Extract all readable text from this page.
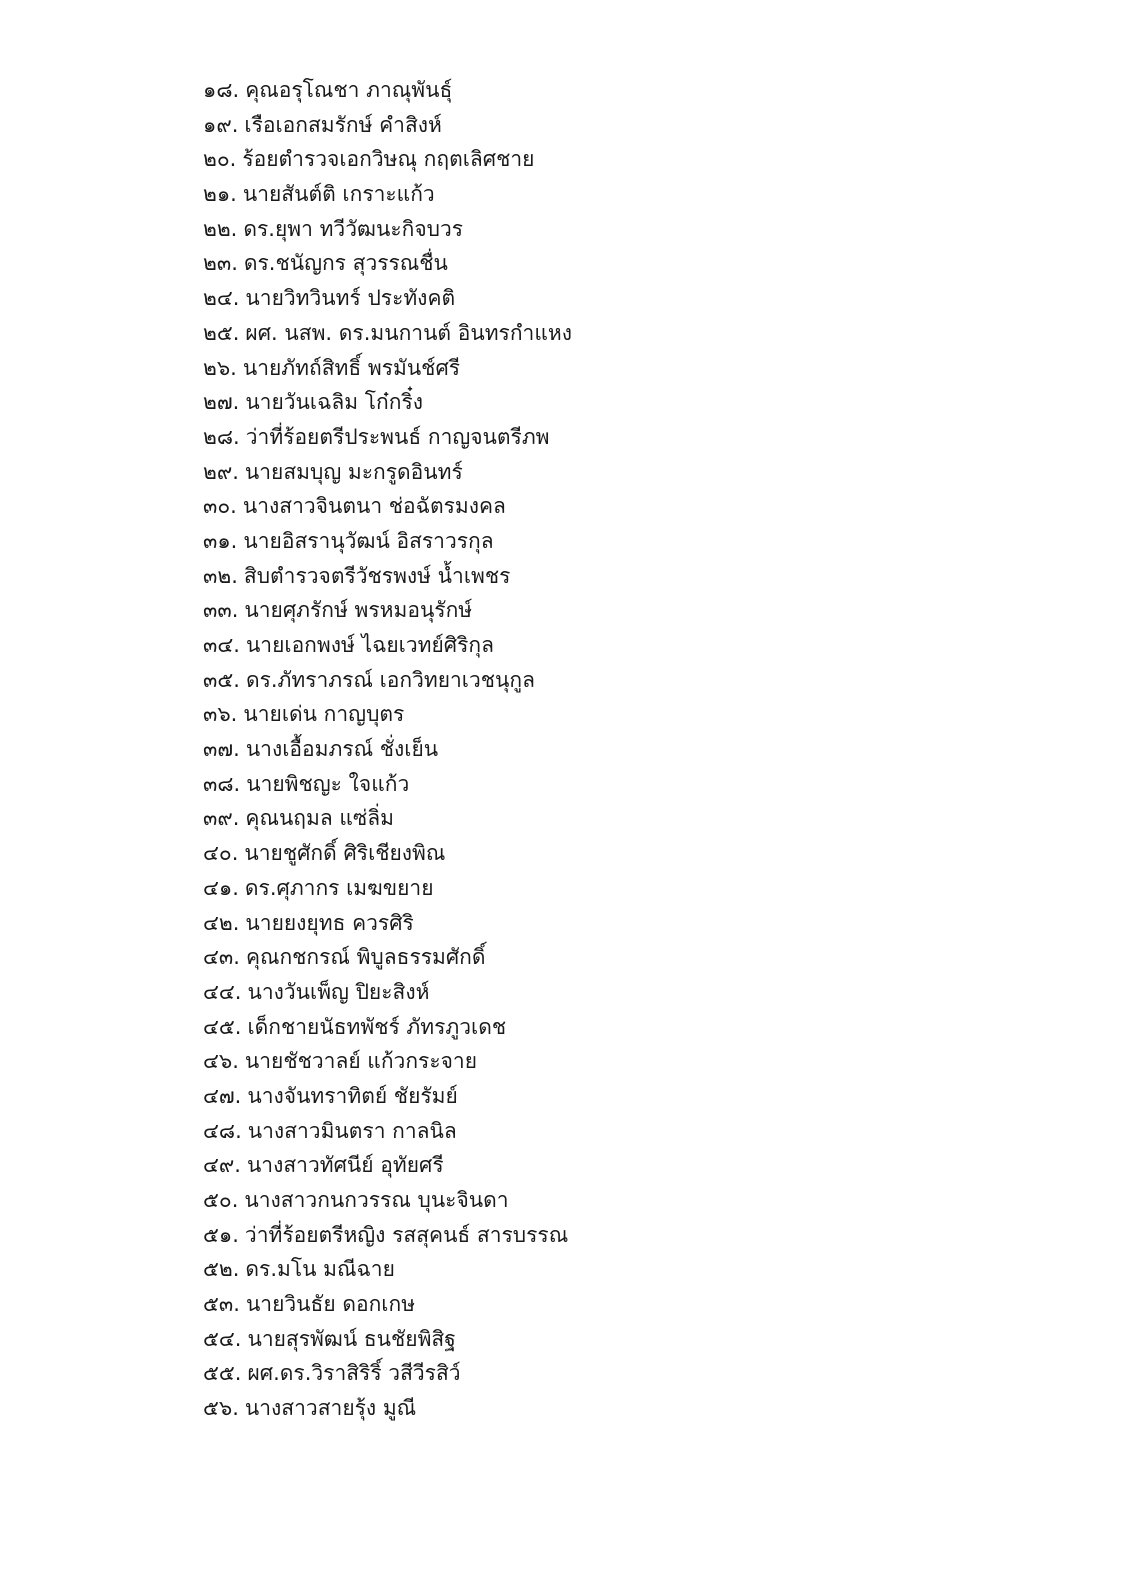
๑๘. คุณอรุโณชา ภาณุพันธุ์
๑๙. เรือเอกสมรักษ์ คำสิงห์
๒๐. ร้อยตำรวจเอกวิษณุ กฤตเลิศชาย
๒๑. นายสันต์ติ เกราะแก้ว
๒๒. ดร.ยุพา ทวีวัฒนะกิจบวร
๒๓. ดร.ชนัญกร สุวรรณชื่น
๒๔. นายวิทวินทร์ ประทังคติ
๒๕. ผศ. นสพ. ดร.มนกานต์ อินทรกำแหง
๒๖. นายภัทถ์สิทธิ์ พรมันช์ศรี
๒๗. นายวันเฉลิม โก๋กริ๋ง
๒๘. ว่าที่ร้อยตรีประพนธ์ กาญจนตรีภพ
๒๙. นายสมบุญ มะกรูดอินทร์
๓๐. นางสาวจินตนา ช่อฉัตรมงคล
๓๑. นายอิสรานุวัฒน์ อิสราวรกุล
๓๒. สิบตำรวจตรีวัชรพงษ์ น้ำเพชร
๓๓. นายศุภรักษ์ พรหมอนุรักษ์
๓๔. นายเอกพงษ์ ไฉยเวทย์ศิริกุล
๓๕. ดร.ภัทราภรณ์ เอกวิทยาเวชนุกูล
๓๖. นายเด่น กาญบุตร
๓๗. นางเอื้อมภรณ์ ชั่งเย็น
๓๘. นายพิชญะ ใจแก้ว
๓๙. คุณนฤมล แซ่ลิ่ม
๔๐. นายชูศักดิ์ ศิริเชียงพิณ
๔๑. ดร.ศุภากร เมฆขยาย
๔๒. นายยงยุทธ ควรศิริ
๔๓. คุณกชกรณ์ พิบูลธรรมศักดิ์
๔๔. นางวันเพ็ญ ปิยะสิงห์
๔๕. เด็กชายนัธทพัชร์ ภัทรภูวเดช
๔๖. นายชัชวาลย์ แก้วกระจาย
๔๗. นางจันทราทิตย์ ชัยรัมย์
๔๘. นางสาวมินตรา กาลนิล
๔๙. นางสาวทัศนีย์ อุทัยศรี
๕๐. นางสาวกนกวรรณ บุนะจินดา
๕๑. ว่าที่ร้อยตรีหญิง รสสุคนธ์ สารบรรณ
๕๒. ดร.มโน มณีฉาย
๕๓. นายวินธัย ดอกเกษ
๕๔. นายสุรพัฒน์ ธนชัยพิสิฐ
๕๕. ผศ.ดร.วิราสิริริ์ วสีวีรสิว์
๕๖. นางสาวสายรุ้ง มูณี
